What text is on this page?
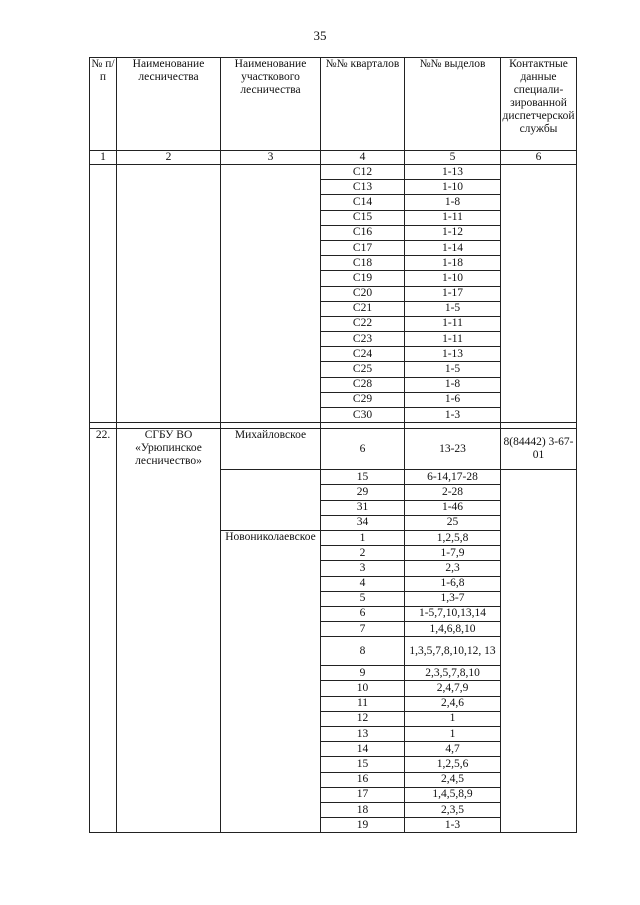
35
№ п/п	Наименование лесничества	Наименование участкового лесничества	№№ кварталов	№№ выделов	Контактные данные специали-зированной диспетчерской службы
1	2	3	4	5	6
			С12	1-13	
			С13	1-10	
			С14	1-8	
			С15	1-11	
			С16	1-12	
			С17	1-14	
			С18	1-18	
			С19	1-10	
			С20	1-17	
			С21	1-5	
			С22	1-11	
			С23	1-11	
			С24	1-13	
			С25	1-5	
			С28	1-8	
			С29	1-6	
			С30	1-3	

22.	СГБУ ВО «Урюпинское лесничество»	Михайловское	6	13-23	8(84442) 3-67-01
			15	6-14,17-28	
			29	2-28	
			31	1-46	
			34	25	
		Новониколаевское	1	1,2,5,8	
			2	1-7,9	
			3	2,3	
			4	1-6,8	
			5	1,3-7	
			6	1-5,7,10,13,14	
			7	1,4,6,8,10	
			8	1,3,5,7,8,10,12, 13	
			9	2,3,5,7,8,10	
			10	2,4,7,9	
			11	2,4,6	
			12	1	
			13	1	
			14	4,7	
			15	1,2,5,6	
			16	2,4,5	
			17	1,4,5,8,9	
			18	2,3,5	
			19	1-3	
